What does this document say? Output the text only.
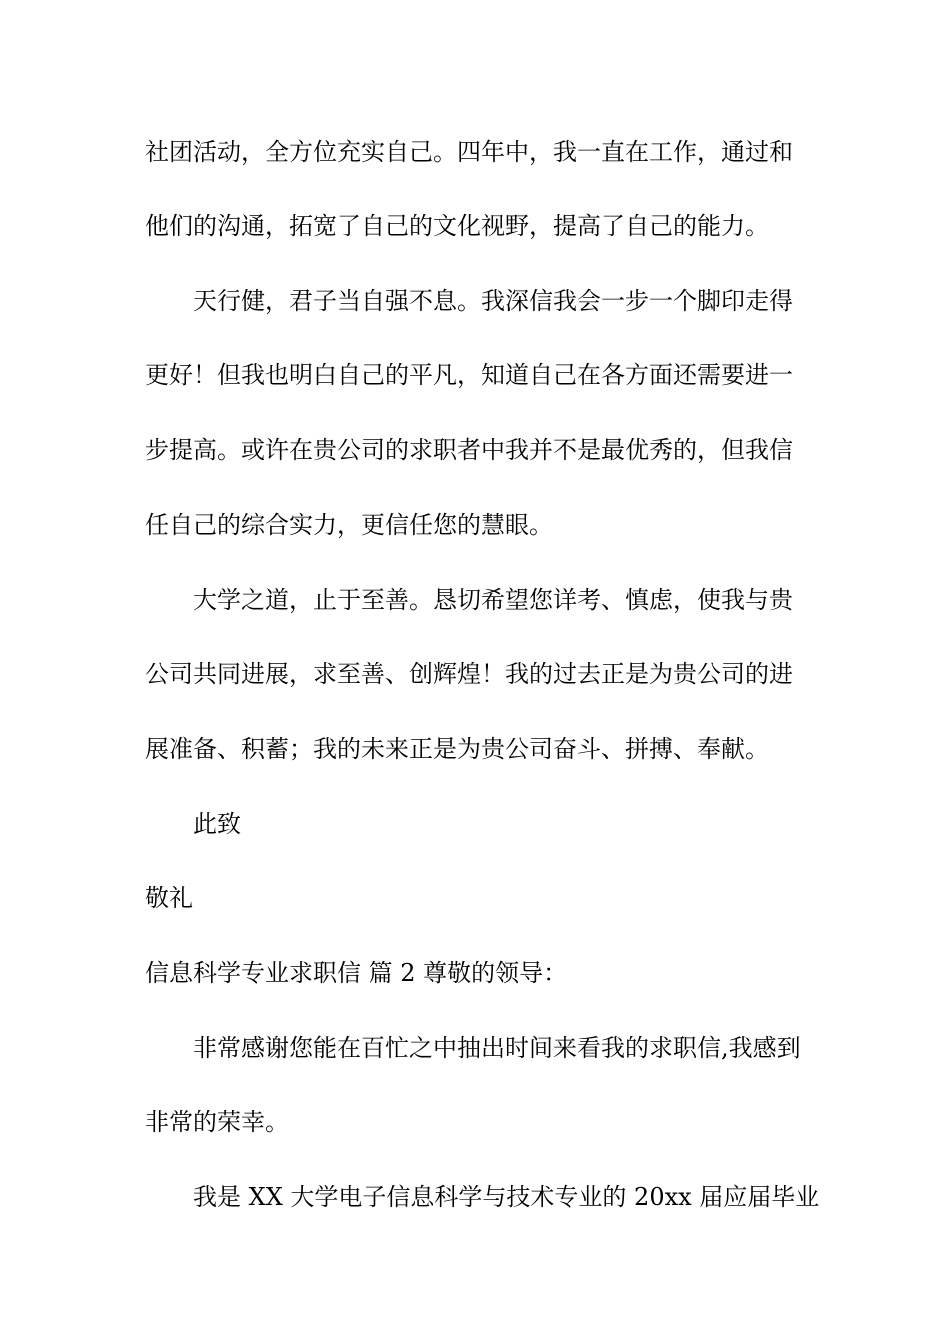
社团活动，全方位充实自己。四年中，我一直在工作，通过和
他们的沟通，拓宽了自己的文化视野，提高了自己的能力。
天行健，君子当自强不息。我深信我会一步一个脚印走得
更好！但我也明白自己的平凡，知道自己在各方面还需要进一
步提高。或许在贵公司的求职者中我并不是最优秀的，但我信
任自己的综合实力，更信任您的慧眼。
大学之道，止于至善。恳切希望您详考、慎虑，使我与贵
公司共同进展，求至善、创辉煌！我的过去正是为贵公司的进
展准备、积蓄；我的未来正是为贵公司奋斗、拼搏、奉献。
此致
敬礼
信息科学专业求职信 篇 2 尊敬的领导：
非常感谢您能在百忙之中抽出时间来看我的求职信,我感到
非常的荣幸。
我是 XX 大学电子信息科学与技术专业的 20xx 届应届毕业
